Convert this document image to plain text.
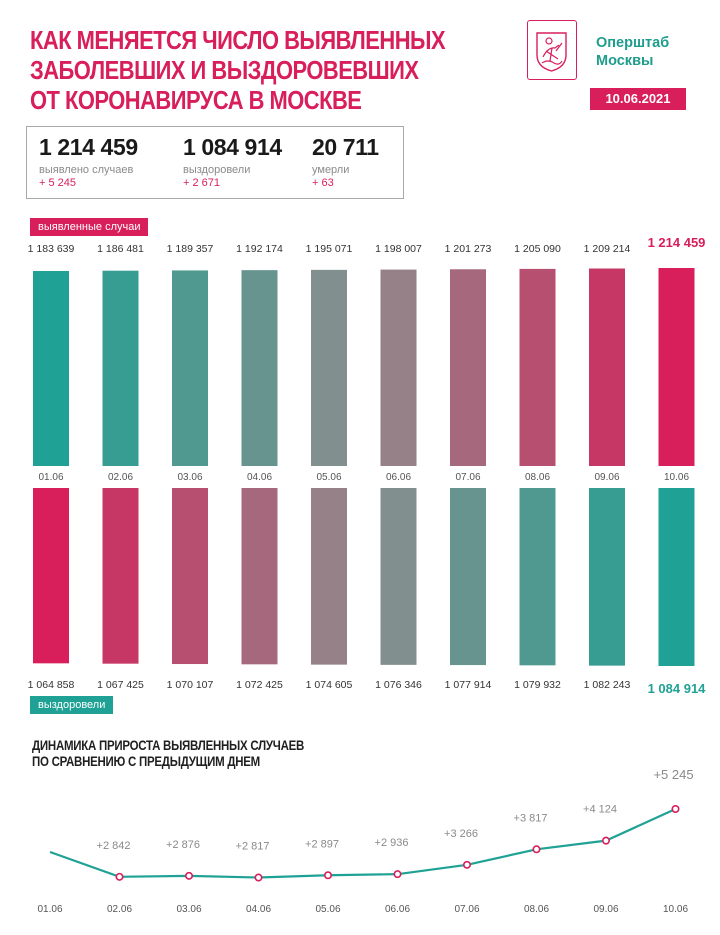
КАК МЕНЯЕТСЯ ЧИСЛО ВЫЯВЛЕННЫХ
ЗАБОЛЕВШИХ И ВЫЗДОРОВЕВШИХ
ОТ КОРОНАВИРУСА В МОСКВЕ
Оперштаб
Москвы
10.06.2021
1 214 459
выявлено случаев
+ 5 245
1 084 914
выздоровели
+ 2 671
20 711
умерли
+ 63
выявленные случаи
выздоровели
1 183 639
01.06
1 186 481
02.06
1 189 357
03.06
1 192 174
04.06
1 195 071
05.06
1 198 007
06.06
1 201 273
07.06
1 205 090
08.06
1 209 214
09.06
1 214 459
10.06
1 064 858 1 067 425 1 070 107 1 072 425 1 074 605 1 076 346 1 077 914 1 079 932 1 082 243 1 084 914
ДИНАМИКА ПРИРОСТА ВЫЯВЛЕННЫХ СЛУЧАЕВ
ПО СРАВНЕНИЮ С ПРЕДЫДУЩИМ ДНЕМ
01.06
+2 842
02.06
+2 876
03.06
+2 817
04.06
+2 897
05.06
+2 936
06.06
+3 266
07.06
+3 817
08.06
+4 124
09.06
+5 245
10.06
